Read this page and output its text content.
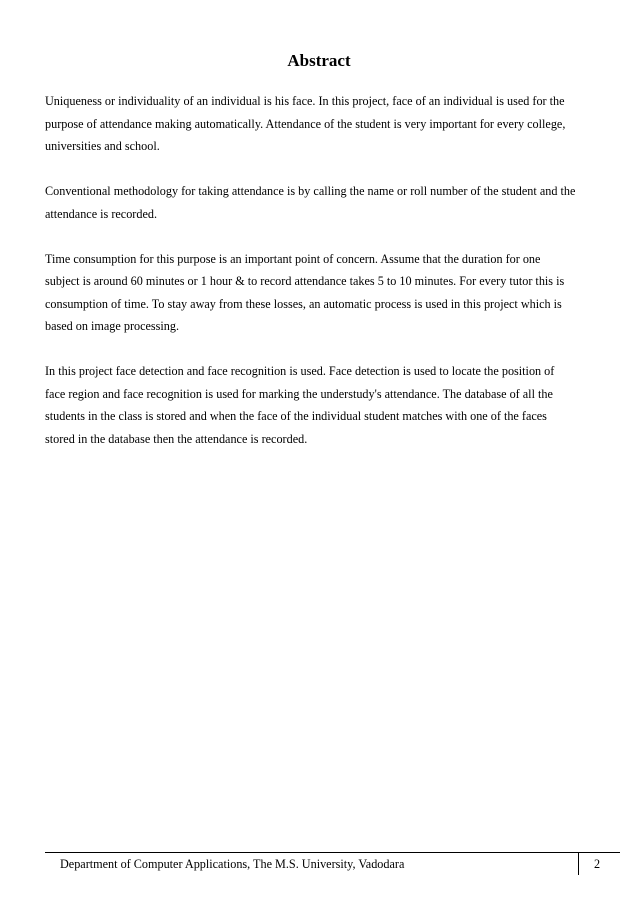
Abstract

Uniqueness or individuality of an individual is his face. In this project, face of an individual is used for the
purpose of attendance making automatically. Attendance of the student is very important for every college,
universities and school.

Conventional methodology for taking attendance is by calling the name or roll number of the student and the
attendance is recorded.

Time consumption for this purpose is an important point of concern. Assume that the duration for one
subject is around 60 minutes or 1 hour & to record attendance takes 5 to 10 minutes. For every tutor this is
consumption of time. To stay away from these losses, an automatic process is used in this project which is
based on image processing.

In this project face detection and face recognition is used. Face detection is used to locate the position of
face region and face recognition is used for marking the understudy's attendance. The database of all the
students in the class is stored and when the face of the individual student matches with one of the faces
stored in the database then the attendance is recorded.

Department of Computer Applications, The M.S. University, Vadodara	2
